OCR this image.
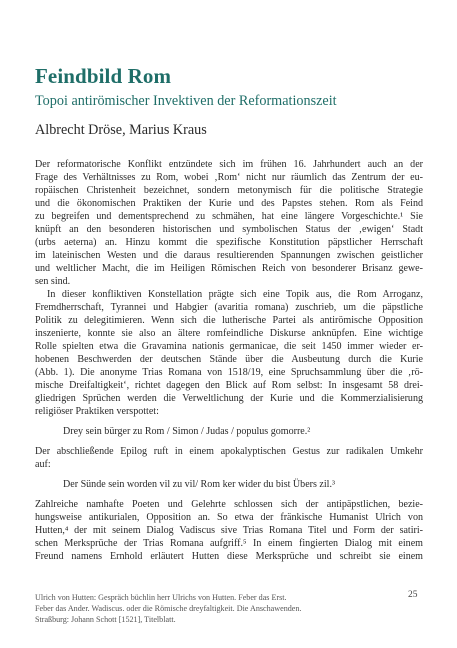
Feindbild Rom
Topoi antirömischer Invektiven der Reformationszeit
Albrecht Dröse, Marius Kraus
Der reformatorische Konflikt entzündete sich im frühen 16. Jahrhundert auch an der
Frage des Verhältnisses zu Rom, wobei ‚Rom‘ nicht nur räumlich das Zentrum der eu-
ropäischen Christenheit bezeichnet, sondern metonymisch für die politische Strategie
und die ökonomischen Praktiken der Kurie und des Papstes stehen. Rom als Feind
zu begreifen und dementsprechend zu schmähen, hat eine längere Vorgeschichte.¹ Sie
knüpft an den besonderen historischen und symbolischen Status der ‚ewigen‘ Stadt
(urbs aeterna) an. Hinzu kommt die spezifische Konstitution päpstlicher Herrschaft
im lateinischen Westen und die daraus resultierenden Spannungen zwischen geistlicher
und weltlicher Macht, die im Heiligen Römischen Reich von besonderer Brisanz gewe-
sen sind.
In dieser konfliktiven Konstellation prägte sich eine Topik aus, die Rom Arroganz,
Fremdherrschaft, Tyrannei und Habgier (avaritia romana) zuschrieb, um die päpstliche
Politik zu delegitimieren. Wenn sich die lutherische Partei als antirömische Opposition
inszenierte, konnte sie also an ältere romfeindliche Diskurse anknüpfen. Eine wichtige
Rolle spielten etwa die Gravamina nationis germanicae, die seit 1450 immer wieder er-
hobenen Beschwerden der deutschen Stände über die Ausbeutung durch die Kurie
(Abb. 1). Die anonyme Trias Romana von 1518/19, eine Spruchsammlung über die ‚rö-
mische Dreifaltigkeit‘, richtet dagegen den Blick auf Rom selbst: In insgesamt 58 drei-
gliedrigen Sprüchen werden die Verweltlichung der Kurie und die Kommerzialisierung
religiöser Praktiken verspottet:
Drey sein bürger zu Rom / Simon / Judas / populus gomorre.²
Der abschließende Epilog ruft in einem apokalyptischen Gestus zur radikalen Umkehr
auf:
Der Sünde sein worden vil zu vil/ Rom ker wider du bist Übers zil.³
Zahlreiche namhafte Poeten und Gelehrte schlossen sich der antipäpstlichen, bezie-
hungsweise antikurialen, Opposition an. So etwa der fränkische Humanist Ulrich von
Hutten,⁴ der mit seinem Dialog Vadiscus sive Trias Romana Titel und Form der satiri-
schen Merksprüche der Trias Romana aufgriff.⁵ In einem fingierten Dialog mit einem
Freund namens Ernhold erläutert Hutten diese Merksprüche und schreibt sie einem
Ulrich von Hutten: Gespräch büchlin herr Ulrichs von Hutten. Feber das Erst.
Feber das Ander. Wadiscus. oder die Römische dreyfaltigkeit. Die Anschawenden.
Straßburg: Johann Schott [1521], Titelblatt.
25
